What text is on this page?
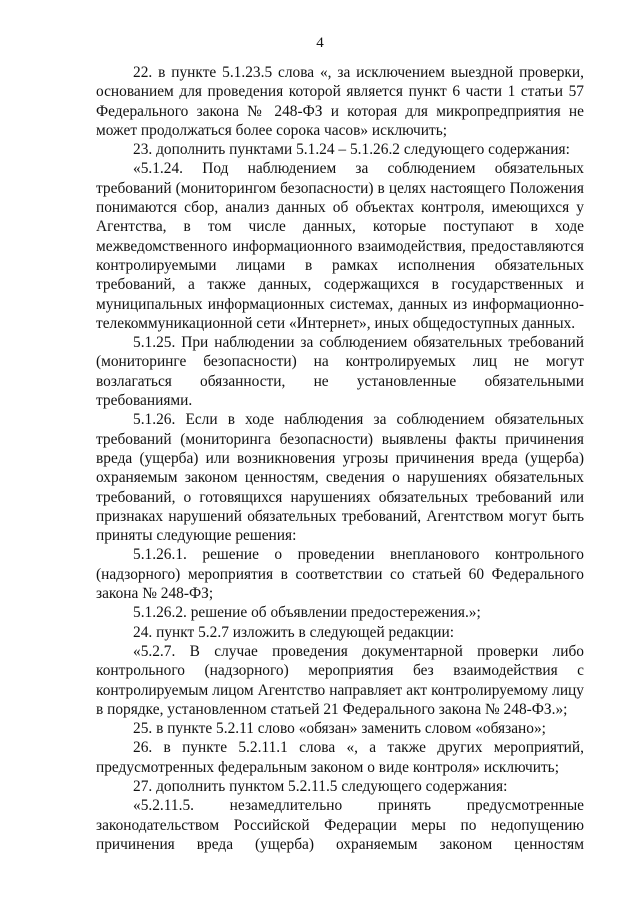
4

22. в пункте 5.1.23.5 слова «, за исключением выездной проверки, основанием для проведения которой является пункт 6 части 1 статьи 57 Федерального закона № 248-ФЗ и которая для микропредприятия не может продолжаться более сорока часов» исключить;

23. дополнить пунктами 5.1.24 – 5.1.26.2 следующего содержания:

«5.1.24. Под наблюдением за соблюдением обязательных требований (мониторингом безопасности) в целях настоящего Положения понимаются сбор, анализ данных об объектах контроля, имеющихся у Агентства, в том числе данных, которые поступают в ходе межведомственного информационного взаимодействия, предоставляются контролируемыми лицами в рамках исполнения обязательных требований, а также данных, содержащихся в государственных и муниципальных информационных системах, данных из информационно-телекоммуникационной сети «Интернет», иных общедоступных данных.

5.1.25. При наблюдении за соблюдением обязательных требований (мониторинге безопасности) на контролируемых лиц не могут возлагаться обязанности, не установленные обязательными требованиями.

5.1.26. Если в ходе наблюдения за соблюдением обязательных требований (мониторинга безопасности) выявлены факты причинения вреда (ущерба) или возникновения угрозы причинения вреда (ущерба) охраняемым законом ценностям, сведения о нарушениях обязательных требований, о готовящихся нарушениях обязательных требований или признаках нарушений обязательных требований, Агентством могут быть приняты следующие решения:

5.1.26.1. решение о проведении внепланового контрольного (надзорного) мероприятия в соответствии со статьей 60 Федерального закона № 248-ФЗ;

5.1.26.2. решение об объявлении предостережения.»;

24. пункт 5.2.7 изложить в следующей редакции:

«5.2.7. В случае проведения документарной проверки либо контрольного (надзорного) мероприятия без взаимодействия с контролируемым лицом Агентство направляет акт контролируемому лицу в порядке, установленном статьей 21 Федерального закона № 248-ФЗ.»;

25. в пункте 5.2.11 слово «обязан» заменить словом «обязано»;

26. в пункте 5.2.11.1 слова «, а также других мероприятий, предусмотренных федеральным законом о виде контроля» исключить;

27. дополнить пунктом 5.2.11.5 следующего содержания:

«5.2.11.5. незамедлительно принять предусмотренные законодательством Российской Федерации меры по недопущению причинения вреда (ущерба) охраняемым законом ценностям
